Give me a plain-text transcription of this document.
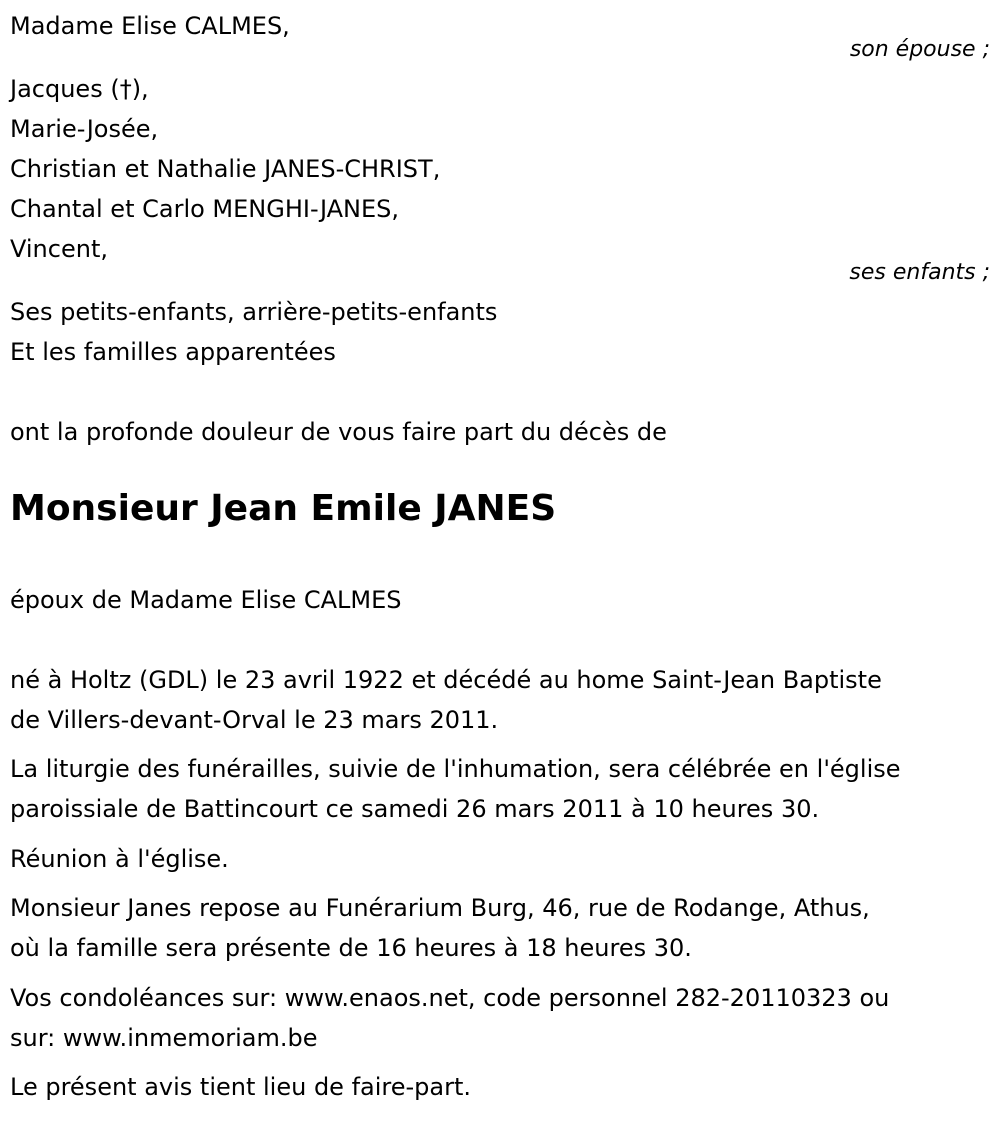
Madame Elise CALMES,
son épouse ;
Jacques (†),
Marie-Josée,
Christian et Nathalie JANES-CHRIST,
Chantal et Carlo MENGHI-JANES,
Vincent,
ses enfants ;
Ses petits-enfants, arrière-petits-enfants
Et les familles apparentées
ont la profonde douleur de vous faire part du décès de
Monsieur Jean Emile JANES
époux de Madame Elise CALMES
né à Holtz (GDL) le 23 avril 1922 et décédé au home Saint-Jean Baptiste
de Villers-devant-Orval le 23 mars 2011.
La liturgie des funérailles, suivie de l'inhumation, sera célébrée en l'église
paroissiale de Battincourt ce samedi 26 mars 2011 à 10 heures 30.
Réunion à l'église.
Monsieur Janes repose au Funérarium Burg, 46, rue de Rodange, Athus,
où la famille sera présente de 16 heures à 18 heures 30.
Vos condoléances sur: www.enaos.net, code personnel 282-20110323 ou
sur: www.inmemoriam.be
Le présent avis tient lieu de faire-part.
